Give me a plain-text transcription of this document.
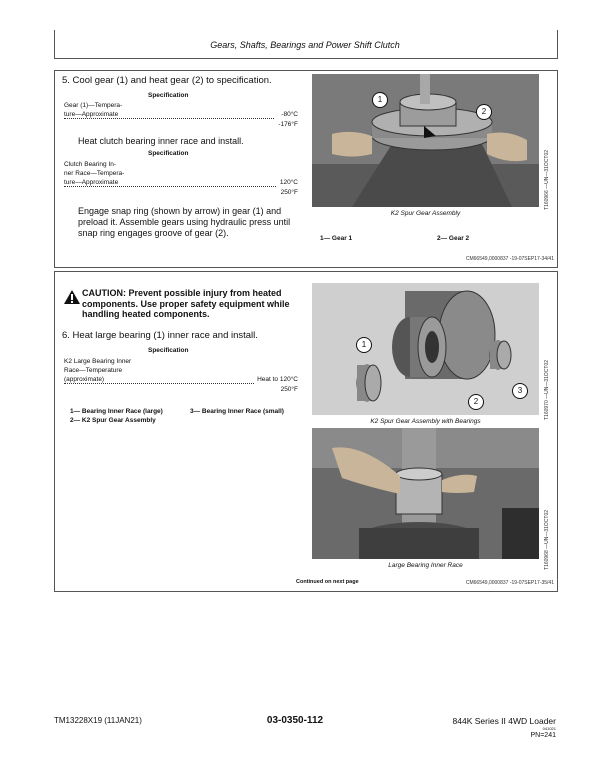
Gears, Shafts, Bearings and Power Shift Clutch
5. Cool gear (1) and heat gear (2) to specification.
Specification
Gear (1)—Tempera-
ture—Approximate	-80°C
-176°F
Heat clutch bearing inner race and install.
Specification
Clutch Bearing In-
ner Race—Tempera-
ture—Approximate	120°C
250°F
Engage snap ring (shown by arrow) in gear (1) and preload it. Assemble gears using hydraulic press until snap ring engages groove of gear (2).
1
2
T160966 —UN—31OCT02
K2 Spur Gear Assembly
1— Gear 1	2— Gear 2
CM66549,0000837 -19-07SEP17-34/41
CAUTION: Prevent possible injury from heated components. Use proper safety equipment while handling heated components.
6. Heat large bearing (1) inner race and install.
Specification
K2 Large Bearing Inner
Race—Temperature
(approximate)	Heat to 120°C
250°F
1— Bearing Inner Race (large)
2— K2 Spur Gear Assembly
3— Bearing Inner Race (small)
1
2
3	T160970 —UN—31OCT02
K2 Spur Gear Assembly with Bearings
T160968 —UN—31OCT02
Large Bearing Inner Race
Continued on next page	CM66549,0000837 -19-07SEP17-35/41
TM13228X19 (11JAN21)	03-0350-112	844K Series II 4WD Loader
041021
PN=241
